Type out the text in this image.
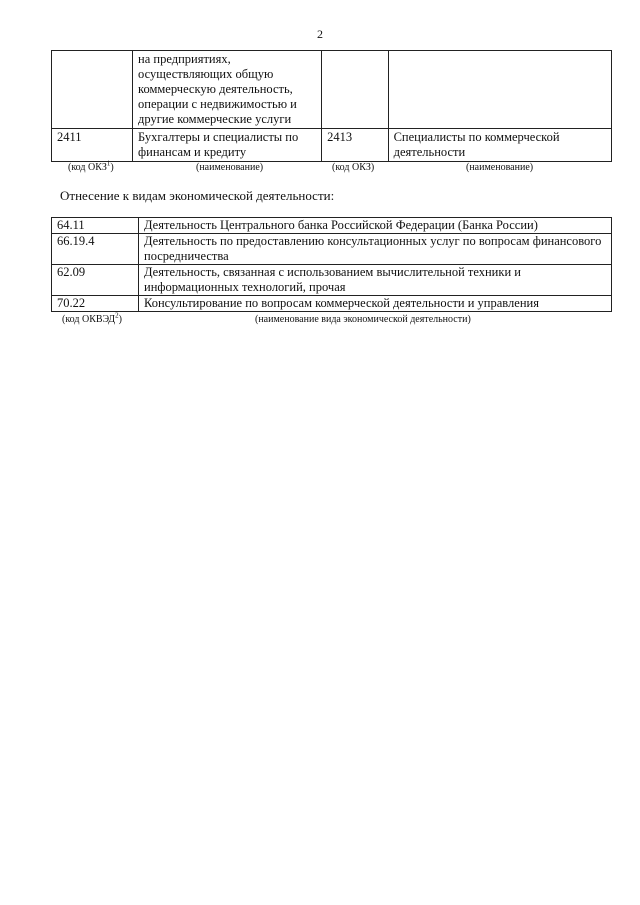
2
	на предприятиях, осуществляющих общую коммерческую деятельность, операции с недвижимостью и другие коммерческие услуги		
2411	Бухгалтеры и специалисты по финансам и кредиту	2413	Специалисты по коммерческой деятельности
(код ОКЗ$^1$)	(наименование)	(код ОКЗ)	(наименование)
Отнесение к видам экономической деятельности:
64.11	Деятельность Центрального банка Российской Федерации (Банка России)
66.19.4	Деятельность по предоставлению консультационных услуг по вопросам финансового посредничества
62.09	Деятельность, связанная с использованием вычислительной техники и информационных технологий, прочая
70.22	Консультирование по вопросам коммерческой деятельности и управления
(код ОКВЭД$^2$)	(наименование вида экономической деятельности)
